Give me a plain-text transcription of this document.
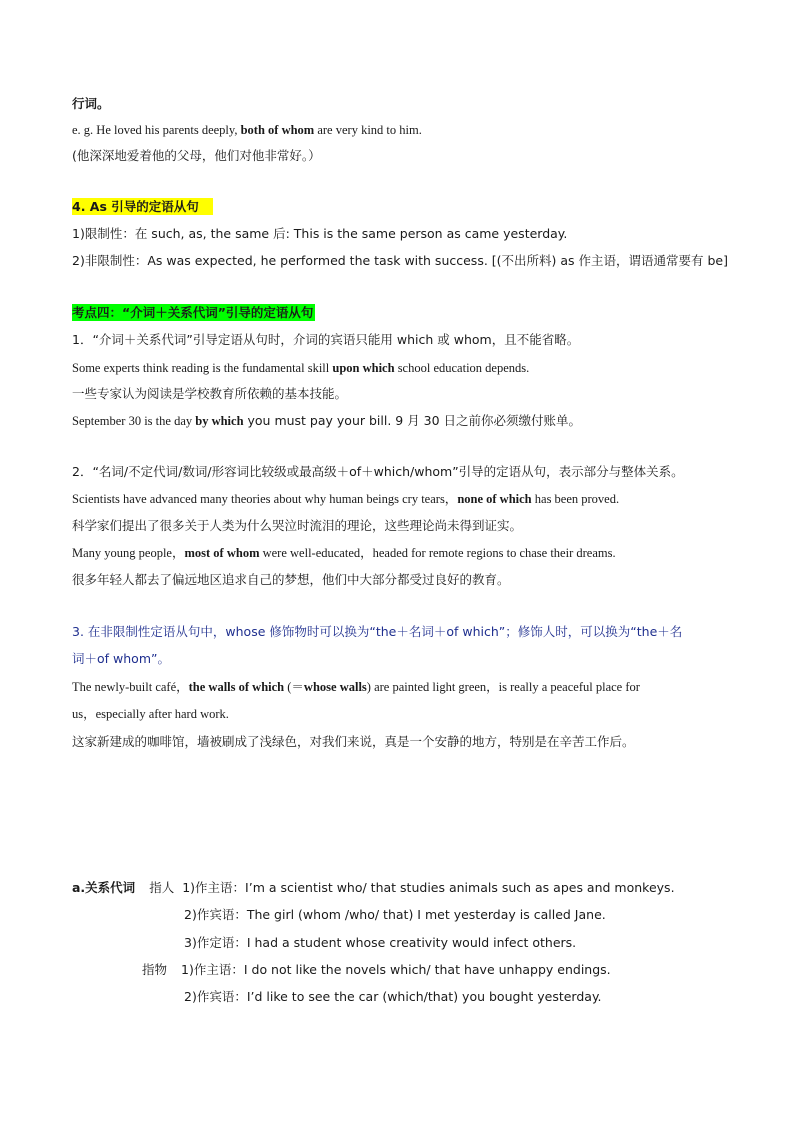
行词。
e. g. He loved his parents deeply, both of whom are very kind to him.
(他深深地爱着他的父母，他们对他非常好。）
4. As 引导的定语从句
1)限制性：在 such, as, the same 后: This is the same person as came yesterday.
2)非限制性：As was expected, he performed the task with success. [(不出所料) as 作主语，谓语通常要有 be]
考点四：“介词＋关系代词”引导的定语从句
1．“介词＋关系代词”引导定语从句时，介词的宾语只能用 which 或 whom，且不能省略。
Some experts think reading is the fundamental skill upon which school education depends.
一些专家认为阅读是学校教育所依赖的基本技能。
September 30 is the day by which you must pay your bill. 9 月 30 日之前你必须缴付账单。
2．“名词/不定代词/数词/形容词比较级或最高级＋of＋which/whom”引导的定语从句，表示部分与整体关系。
Scientists have advanced many theories about why human beings cry tears，none of which has been proved.
科学家们提出了很多关于人类为什么哭泣时流泪的理论，这些理论尚未得到证实。
Many young people，most of whom were well-educated，headed for remote regions to chase their dreams.
很多年轻人都去了偏远地区追求自己的梦想，他们中大部分都受过良好的教育。
3. 在非限制性定语从句中，whose 修饰物时可以换为“the＋名词＋of which”；修饰人时，可以换为“the＋名
词＋of whom”。
The newly-built café，the walls of which (＝whose walls) are painted light green，is really a peaceful place for
us，especially after hard work.
这家新建成的咖啡馆，墙被刷成了浅绿色，对我们来说，真是一个安静的地方，特别是在辛苦工作后。
a.关系代词 指人 1)作主语：I’m a scientist who/ that studies animals such as apes and monkeys.
2)作宾语：The girl (whom /who/ that) I met yesterday is called Jane.
3)作定语：I had a student whose creativity would infect others.
指物 1)作主语：I do not like the novels which/ that have unhappy endings.
2)作宾语：I’d like to see the car (which/that) you bought yesterday.
